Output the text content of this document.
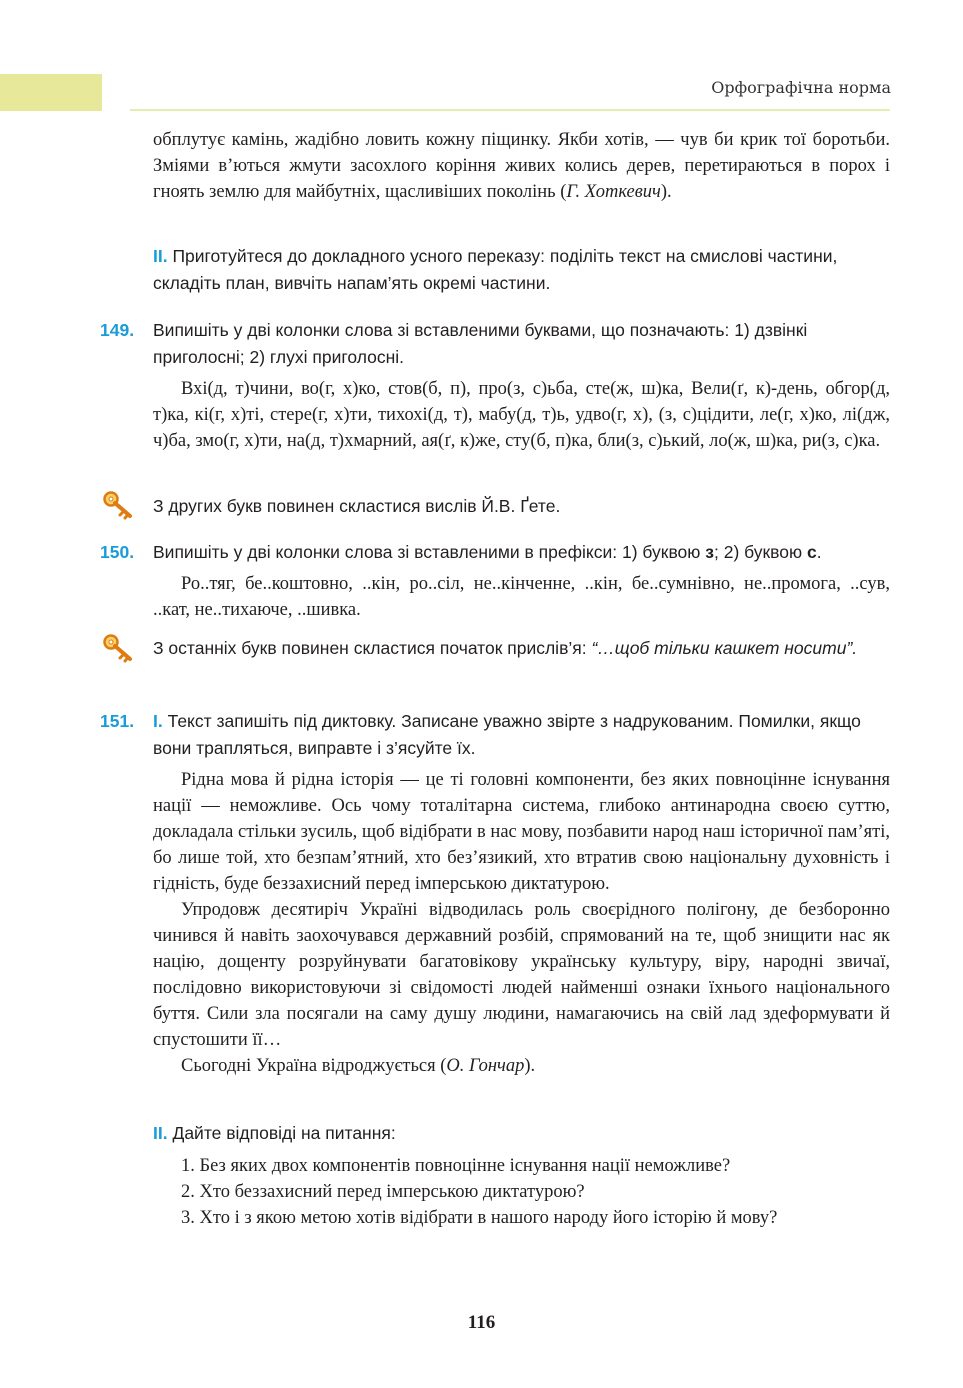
Орфографічна норма
обплутує камінь, жадібно ловить кожну піщинку. Якби хотів, — чув би крик тої боротьби. Зміями в’ються жмути засохлого коріння живих колись дерев, перетираються в порох і гноять землю для майбутніх, щасливіших поколінь (Г. Хоткевич).
II. Приготуйтеся до докладного усного переказу: поділіть текст на смислові частини, складіть план, вивчіть напам’ять окремі частини.
149. Випишіть у дві колонки слова зі вставленими буквами, що позначають: 1) дзвінкі приголосні; 2) глухі приголосні.

Вхі(д, т)чини, во(г, х)ко, стов(б, п), про(з, с)ьба, сте(ж, ш)ка, Вели(ґ, к)-день, обгор(д, т)ка, кі(г, х)ті, стере(г, х)ти, тихохі(д, т), мабу(д, т)ь, удво(г, х), (з, с)цідити, ле(г, х)ко, лі(дж, ч)ба, змо(г, х)ти, на(д, т)хмарний, ая(ґ, к)же, сту(б, п)ка, бли(з, с)ький, ло(ж, ш)ка, ри(з, с)ка.

З других букв повинен скластися вислів Й.В. Ґете.
150. Випишіть у дві колонки слова зі вставленими в префікси: 1) буквою з; 2) буквою с.

Ро..тяг, бе..коштовно, ..кін, ро..сіл, не..кінченне, ..кін, бе..сумнівно, не..промога, ..сув, ..кат, не..тихаюче, ..шивка.

З останніх букв повинен скластися початок прислів’я: “…щоб тільки кашкет носити”.
151. I. Текст запишіть під диктовку. Записане уважно звірте з надрукованим. Помилки, якщо вони трапляться, виправте і з’ясуйте їх.

Рідна мова й рідна історія — це ті головні компоненти, без яких повноцінне існування нації — неможливе. Ось чому тоталітарна система, глибоко антинародна своєю суттю, докладала стільки зусиль, щоб відібрати в нас мову, позбавити народ наш історичної пам’яті, бо лише той, хто безпам’ятний, хто без’язикий, хто втратив свою національну духовність і гідність, буде беззахисний перед імперською диктатурою.

Упродовж десятиріч Україні відводилась роль своєрідного полігону, де безборонно чинився й навіть заохочувався державний розбій, спрямований на те, щоб знищити нас як націю, дощенту розруйнувати багатовікову українську культуру, віру, народні звичаї, послідовно використовуючи зі свідомості людей найменші ознаки їхнього національного буття. Сили зла посягали на саму душу людини, намагаючись на свій лад здеформувати й спустошити її…

Сьогодні Україна відроджується (О. Гончар).

II. Дайте відповіді на питання:

1. Без яких двох компонентів повноцінне існування нації неможливе?

2. Хто беззахисний перед імперською диктатурою?

3. Хто і з якою метою хотів відібрати в нашого народу його історію й мову?

116
